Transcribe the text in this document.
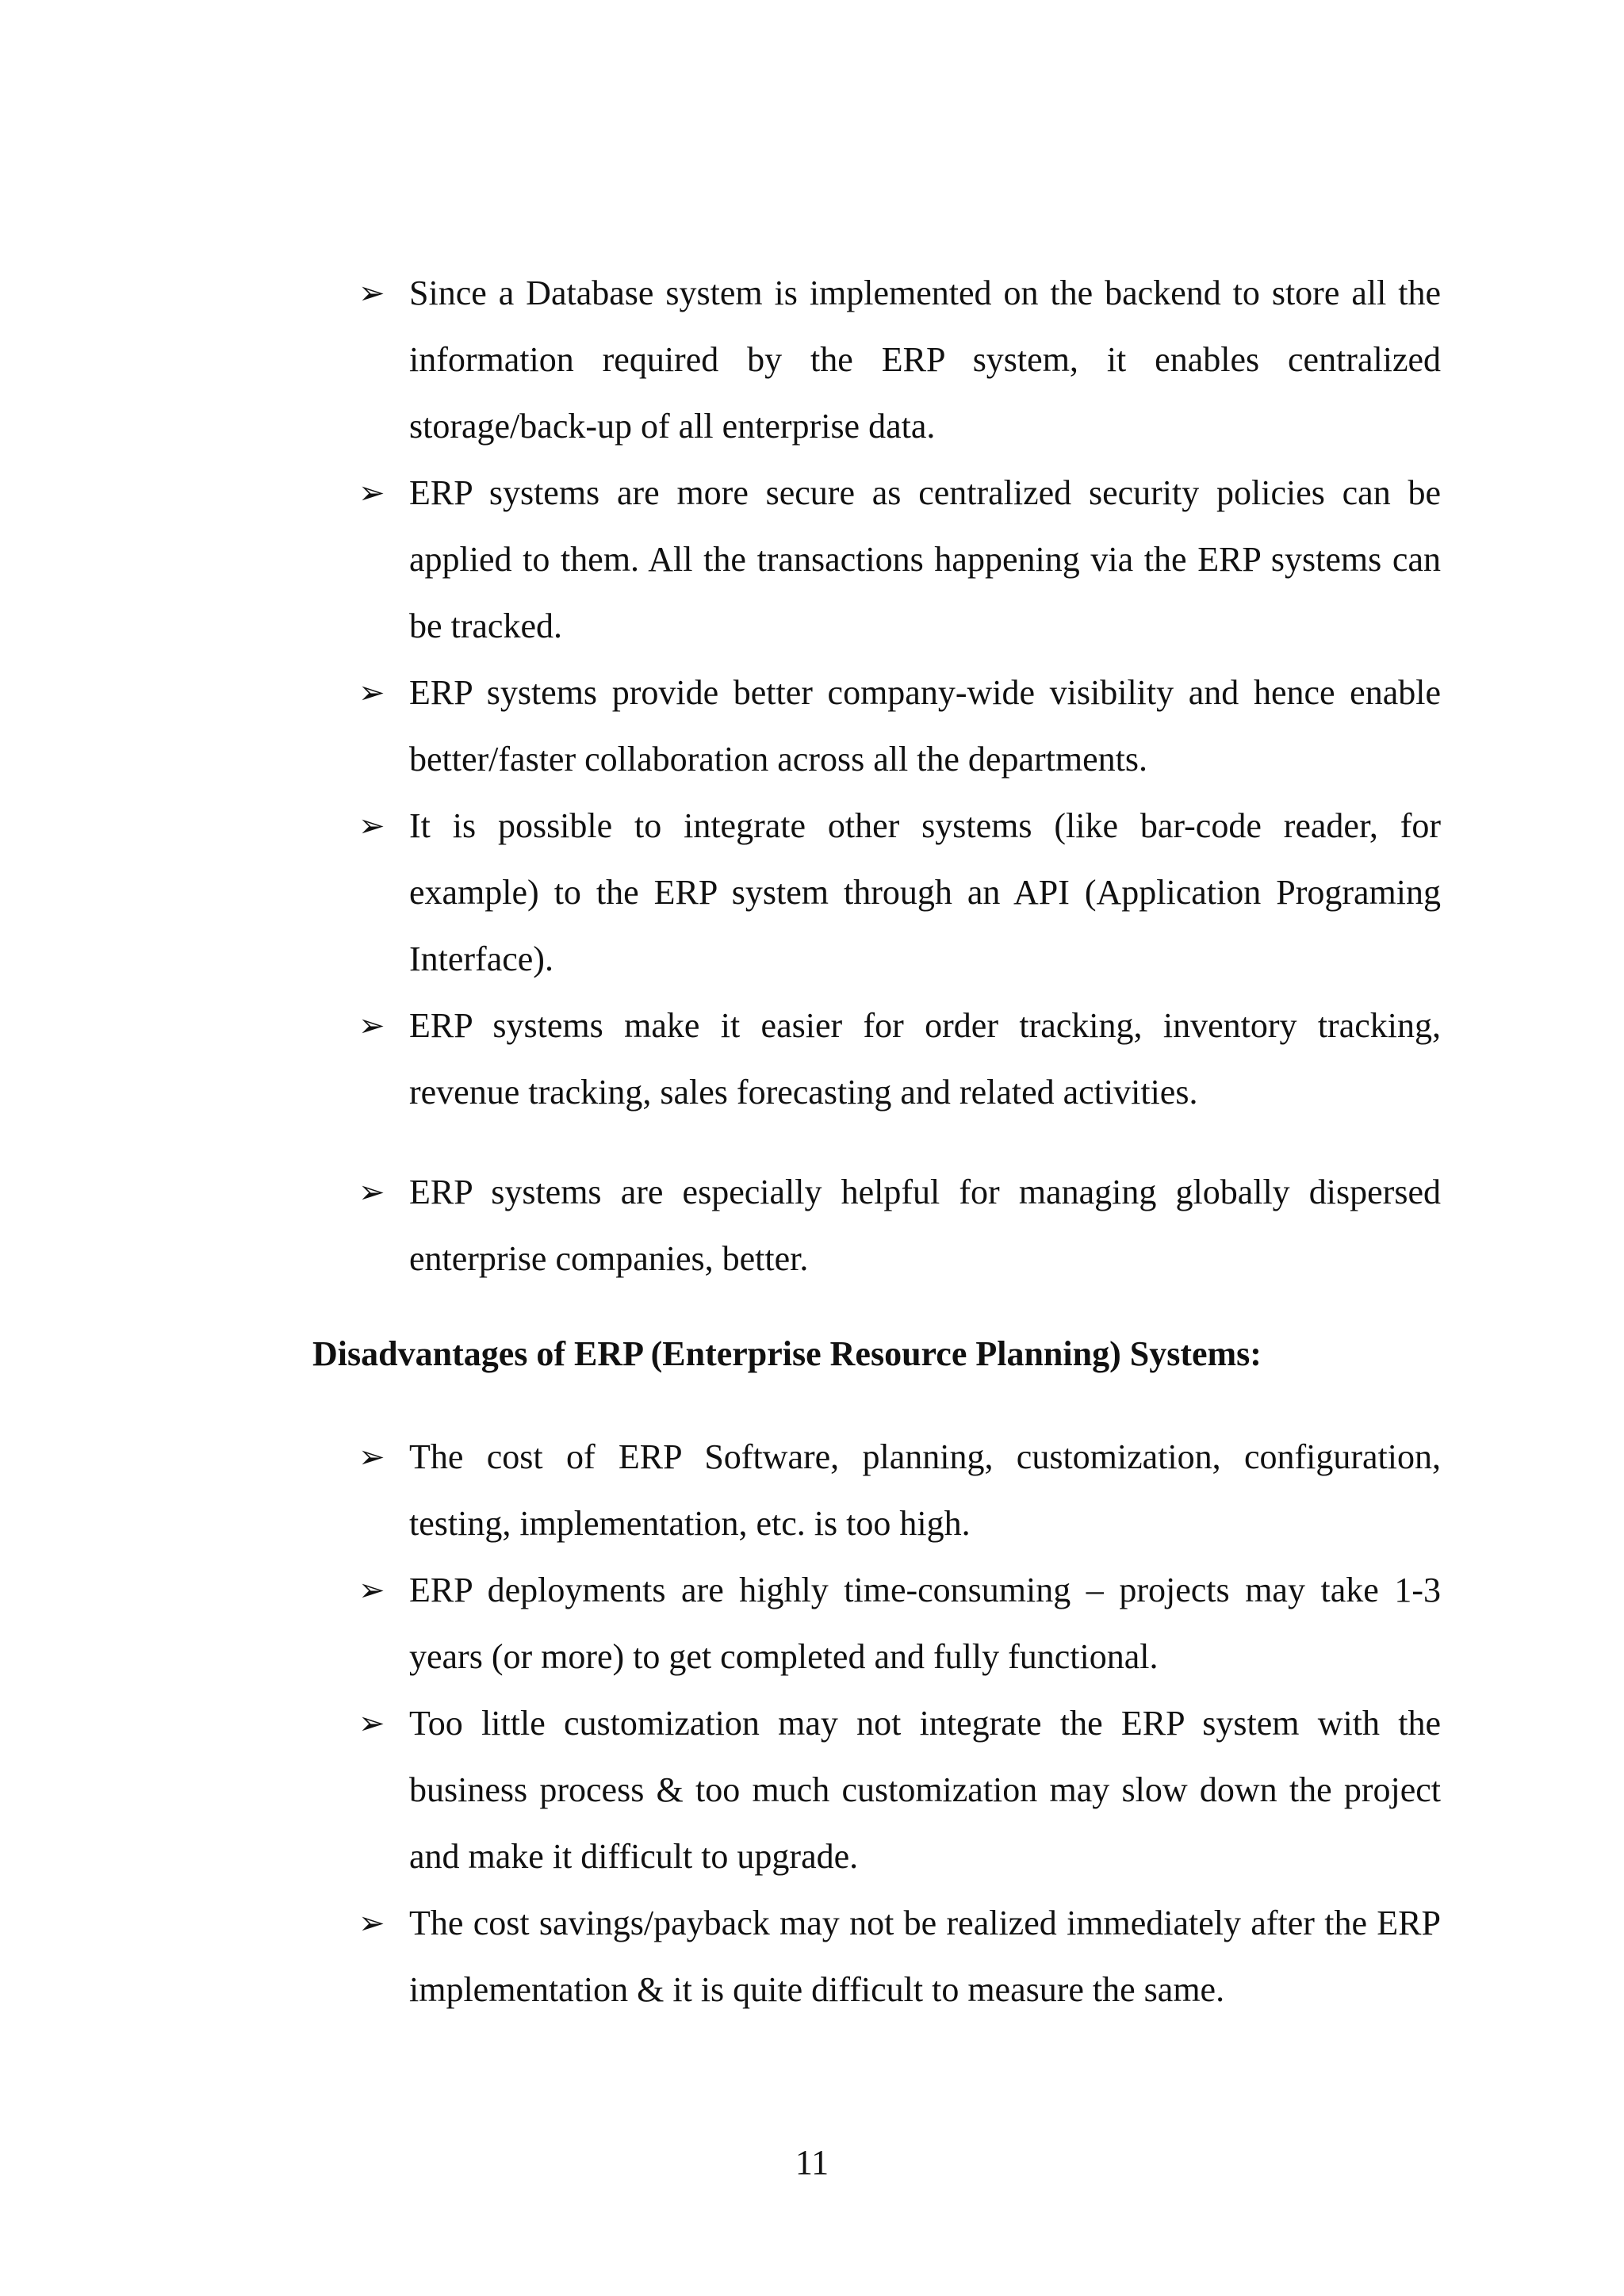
➢ Since a Database system is implemented on the backend to store all the information required by the ERP system, it enables centralized storage/back-up of all enterprise data.
➢ ERP systems are more secure as centralized security policies can be applied to them. All the transactions happening via the ERP systems can be tracked.
➢ ERP systems provide better company-wide visibility and hence enable better/faster collaboration across all the departments.
➢ It is possible to integrate other systems (like bar-code reader, for example) to the ERP system through an API (Application Programing Interface).
➢ ERP systems make it easier for order tracking, inventory tracking, revenue tracking, sales forecasting and related activities.
➢ ERP systems are especially helpful for managing globally dispersed enterprise companies, better.
Disadvantages of ERP (Enterprise Resource Planning) Systems:
➢ The cost of ERP Software, planning, customization, configuration, testing, implementation, etc. is too high.
➢ ERP deployments are highly time-consuming – projects may take 1-3 years (or more) to get completed and fully functional.
➢ Too little customization may not integrate the ERP system with the business process & too much customization may slow down the project and make it difficult to upgrade.
➢ The cost savings/payback may not be realized immediately after the ERP implementation & it is quite difficult to measure the same.
11
